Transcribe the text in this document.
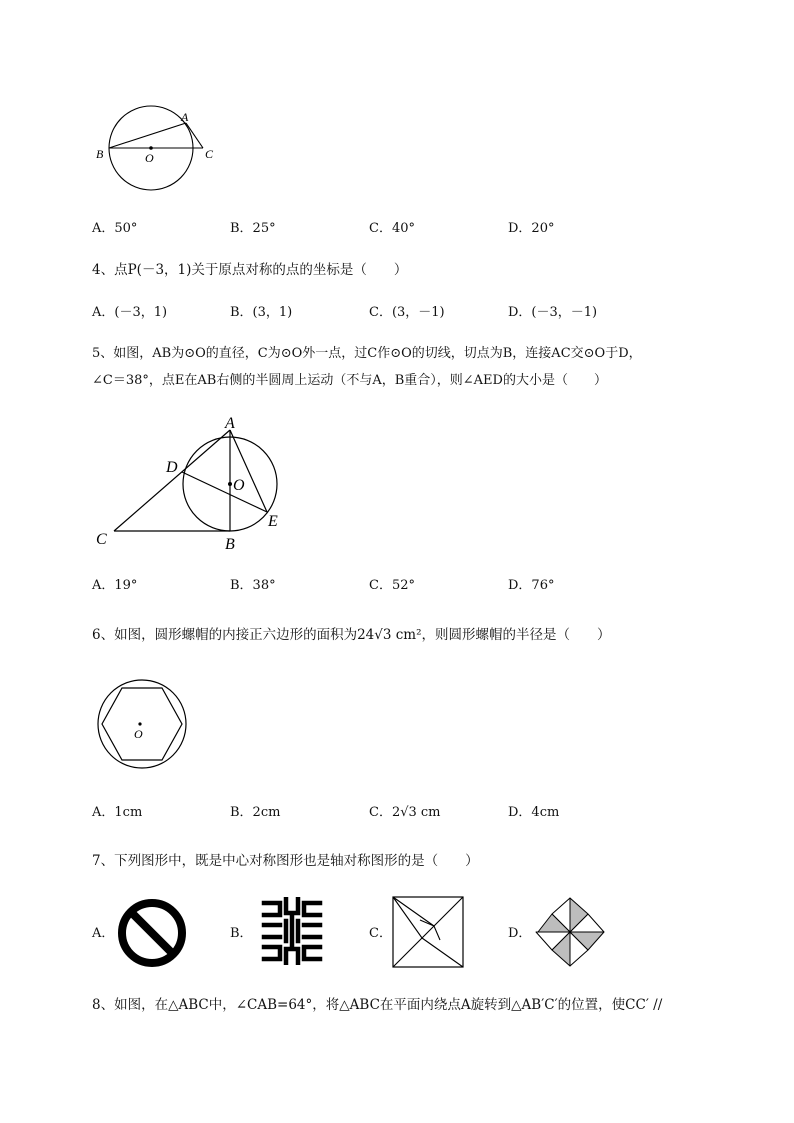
A
B	C
O
A．50°	B．25°	C．40°	D．20°
4、点P(－3，1)关于原点对称的点的坐标是（　　）
A．(－3，1)	B．(3，1)	C．(3，－1)	D．(－3，－1)
5、如图，AB为⊙O的直径，C为⊙O外一点，过C作⊙O的切线，切点为B，连接AC交⊙O于D，
∠C＝38°，点E在AB右侧的半圆周上运动（不与A，B重合），则∠AED的大小是（　　）
A
B
C
D
E
O
A．19°	B．38°	C．52°	D．76°
6、如图，圆形螺帽的内接正六边形的面积为24√3 cm²，则圆形螺帽的半径是（　　）
O
A．1cm	B．2cm	C．2√3 cm	D．4cm
7、下列图形中，既是中心对称图形也是轴对称图形的是（　　）
A．	B．	C．	D．
8、如图，在△ABC中，∠CAB=64°，将△ABC在平面内绕点A旋转到△AB′C′的位置，使CC′ //
